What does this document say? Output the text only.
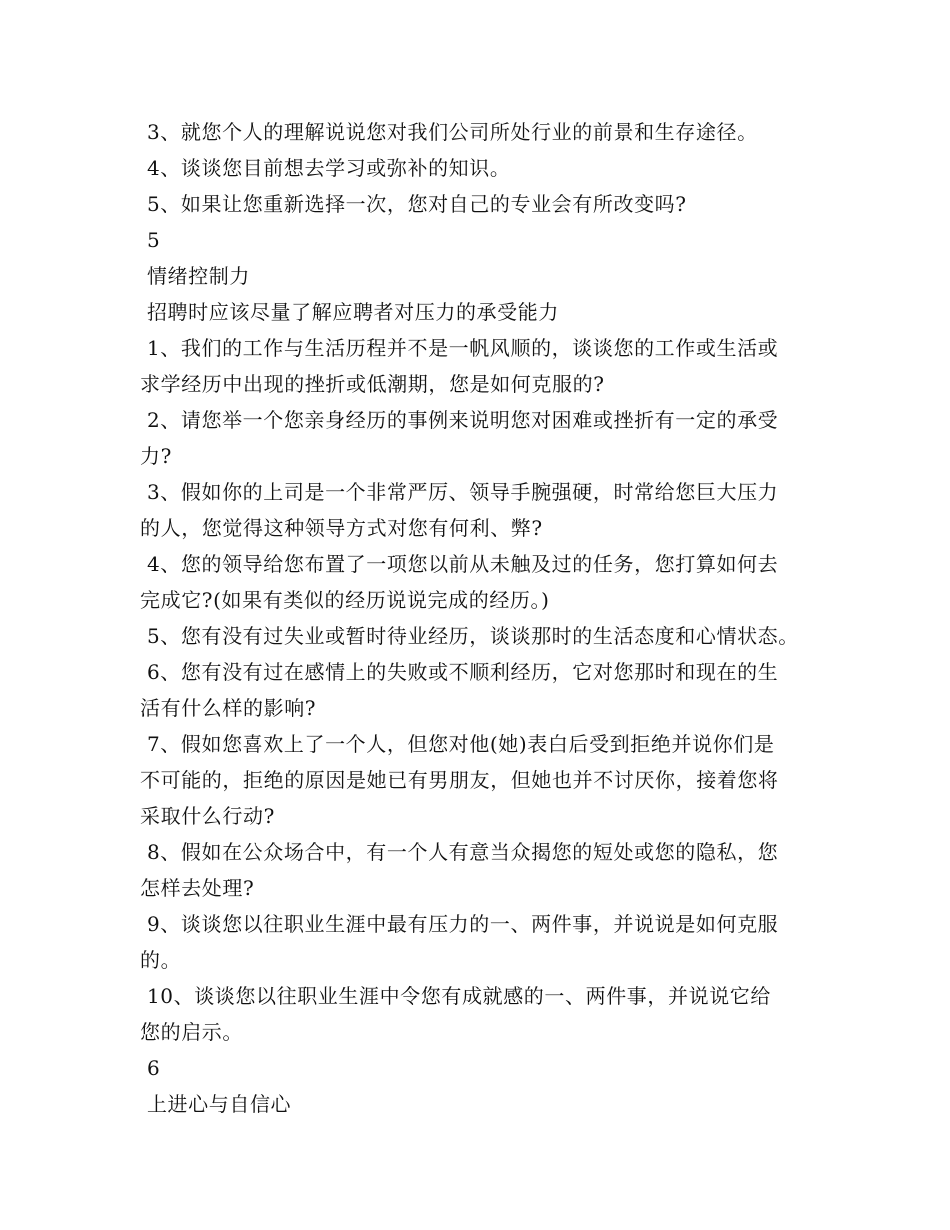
3、就您个人的理解说说您对我们公司所处行业的前景和生存途径。

4、谈谈您目前想去学习或弥补的知识。

5、如果让您重新选择一次，您对自己的专业会有所改变吗?

5

情绪控制力

招聘时应该尽量了解应聘者对压力的承受能力

1、我们的工作与生活历程并不是一帆风顺的，谈谈您的工作或生活或

求学经历中出现的挫折或低潮期，您是如何克服的?

2、请您举一个您亲身经历的事例来说明您对困难或挫折有一定的承受

力?

3、假如你的上司是一个非常严厉、领导手腕强硬，时常给您巨大压力

的人，您觉得这种领导方式对您有何利、弊?

4、您的领导给您布置了一项您以前从未触及过的任务，您打算如何去

完成它?(如果有类似的经历说说完成的经历。)

5、您有没有过失业或暂时待业经历，谈谈那时的生活态度和心情状态。

6、您有没有过在感情上的失败或不顺利经历，它对您那时和现在的生

活有什么样的影响?

7、假如您喜欢上了一个人，但您对他(她)表白后受到拒绝并说你们是

不可能的，拒绝的原因是她已有男朋友，但她也并不讨厌你，接着您将

采取什么行动?

8、假如在公众场合中，有一个人有意当众揭您的短处或您的隐私，您

怎样去处理?

9、谈谈您以往职业生涯中最有压力的一、两件事，并说说是如何克服

的。

10、谈谈您以往职业生涯中令您有成就感的一、两件事，并说说它给

您的启示。

6

上进心与自信心
